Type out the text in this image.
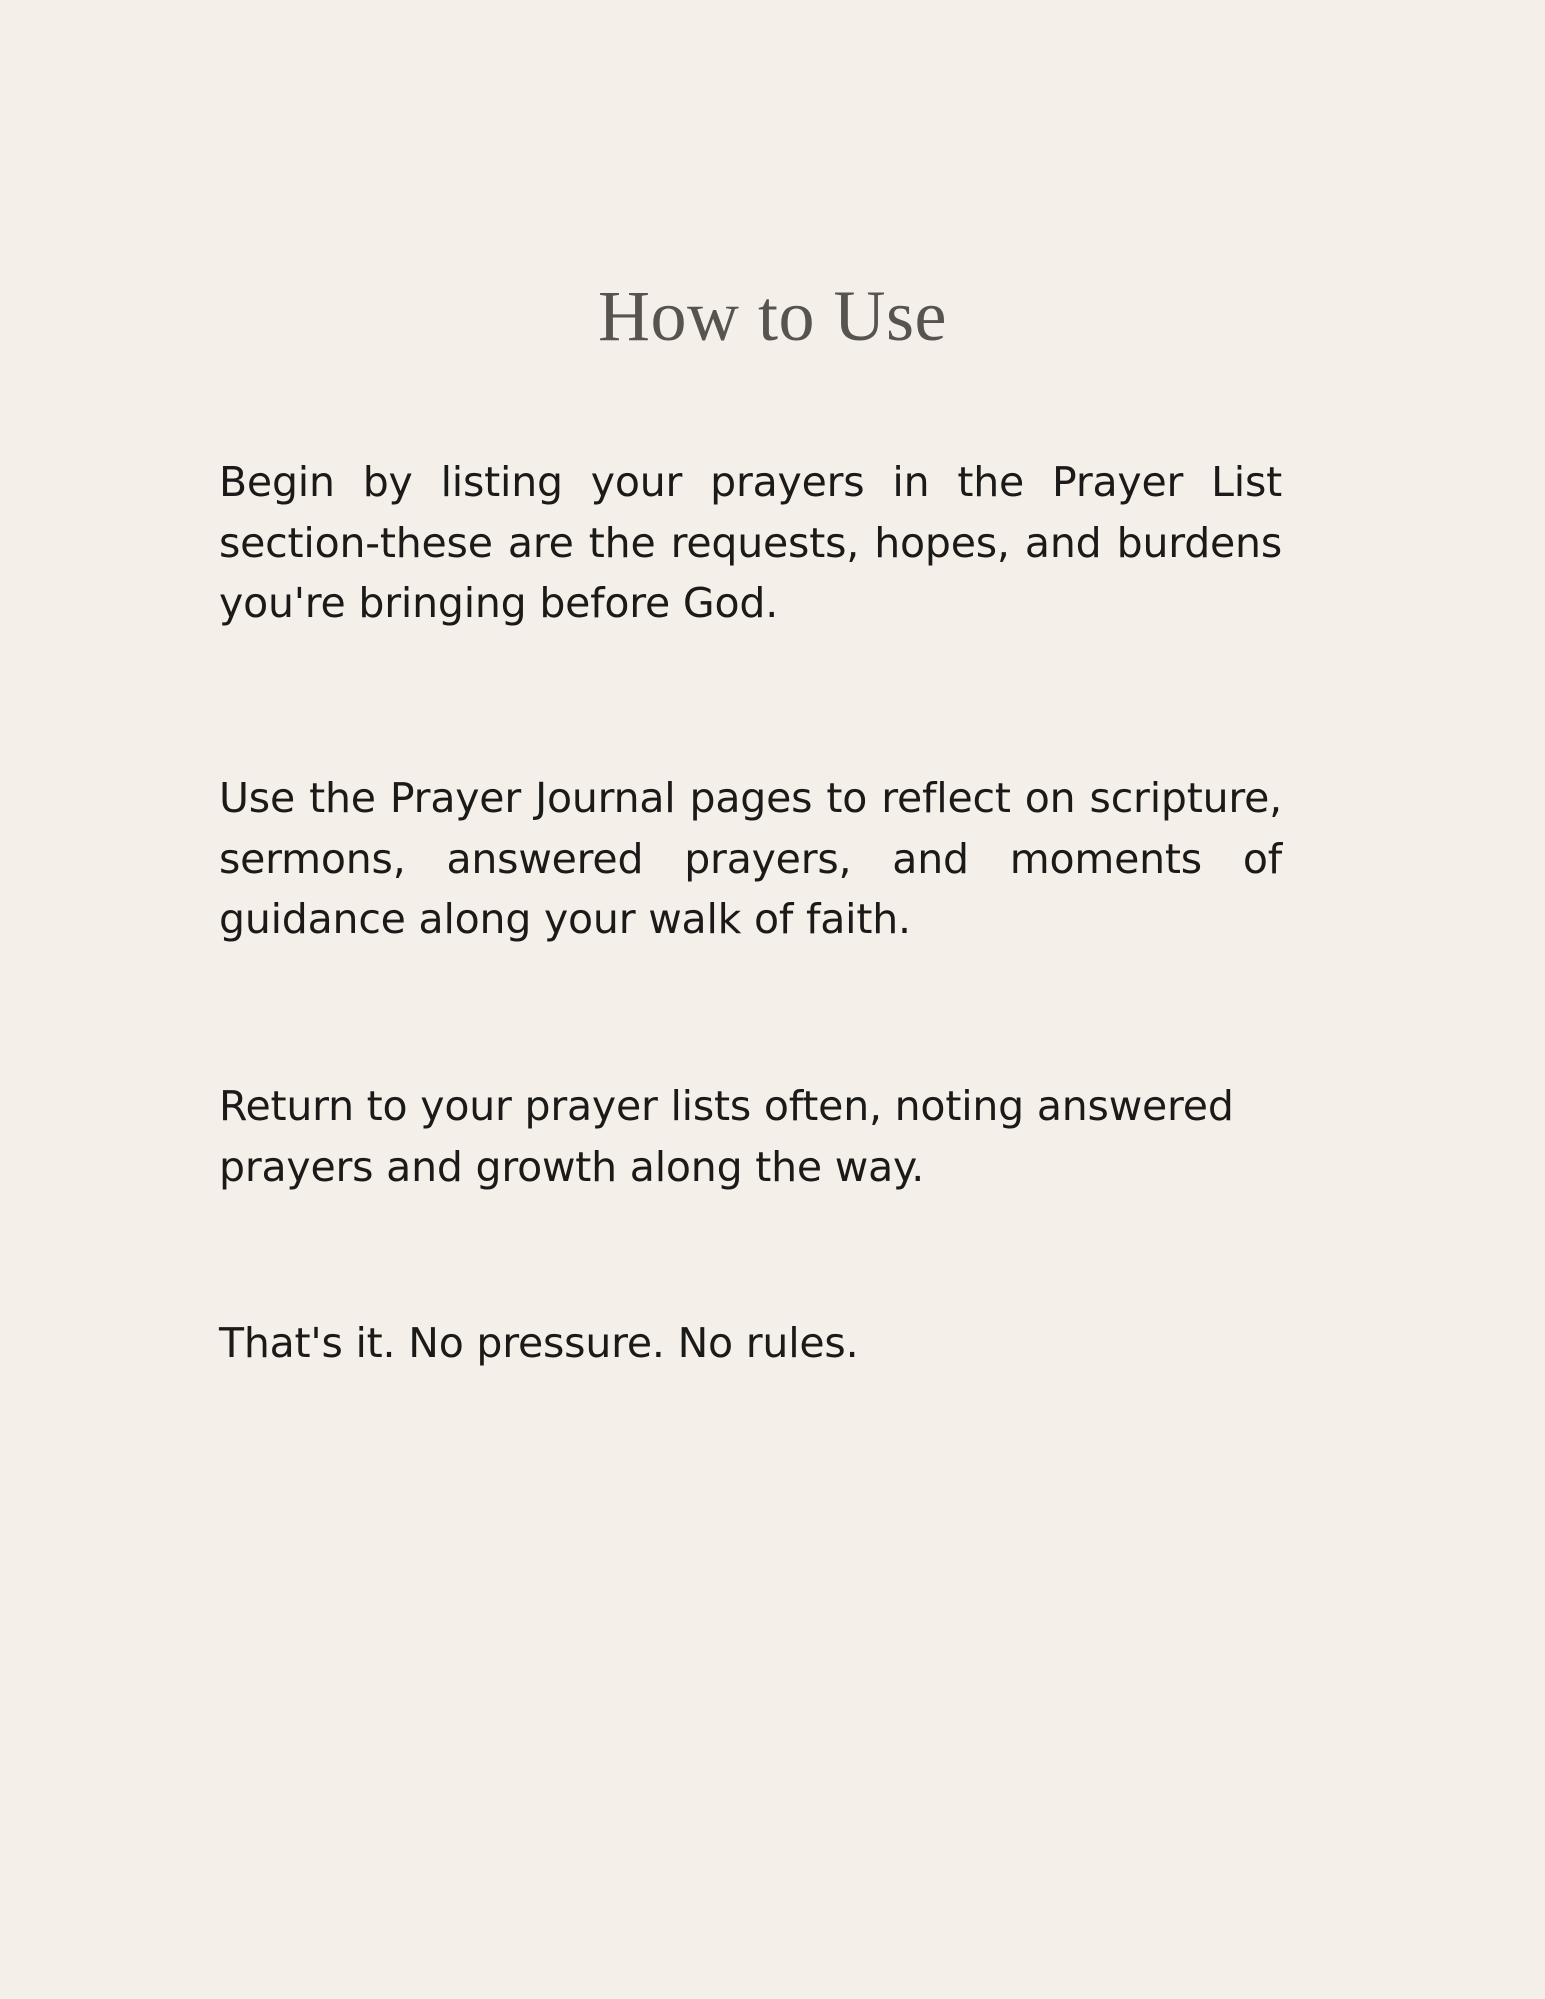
How to Use

Begin by listing your prayers in the Prayer List section-these are the requests, hopes, and burdens you're bringing before God.

Use the Prayer Journal pages to reflect on scripture, sermons, answered prayers, and moments of guidance along your walk of faith.

Return to your prayer lists often, noting answered prayers and growth along the way.

That's it. No pressure. No rules.
